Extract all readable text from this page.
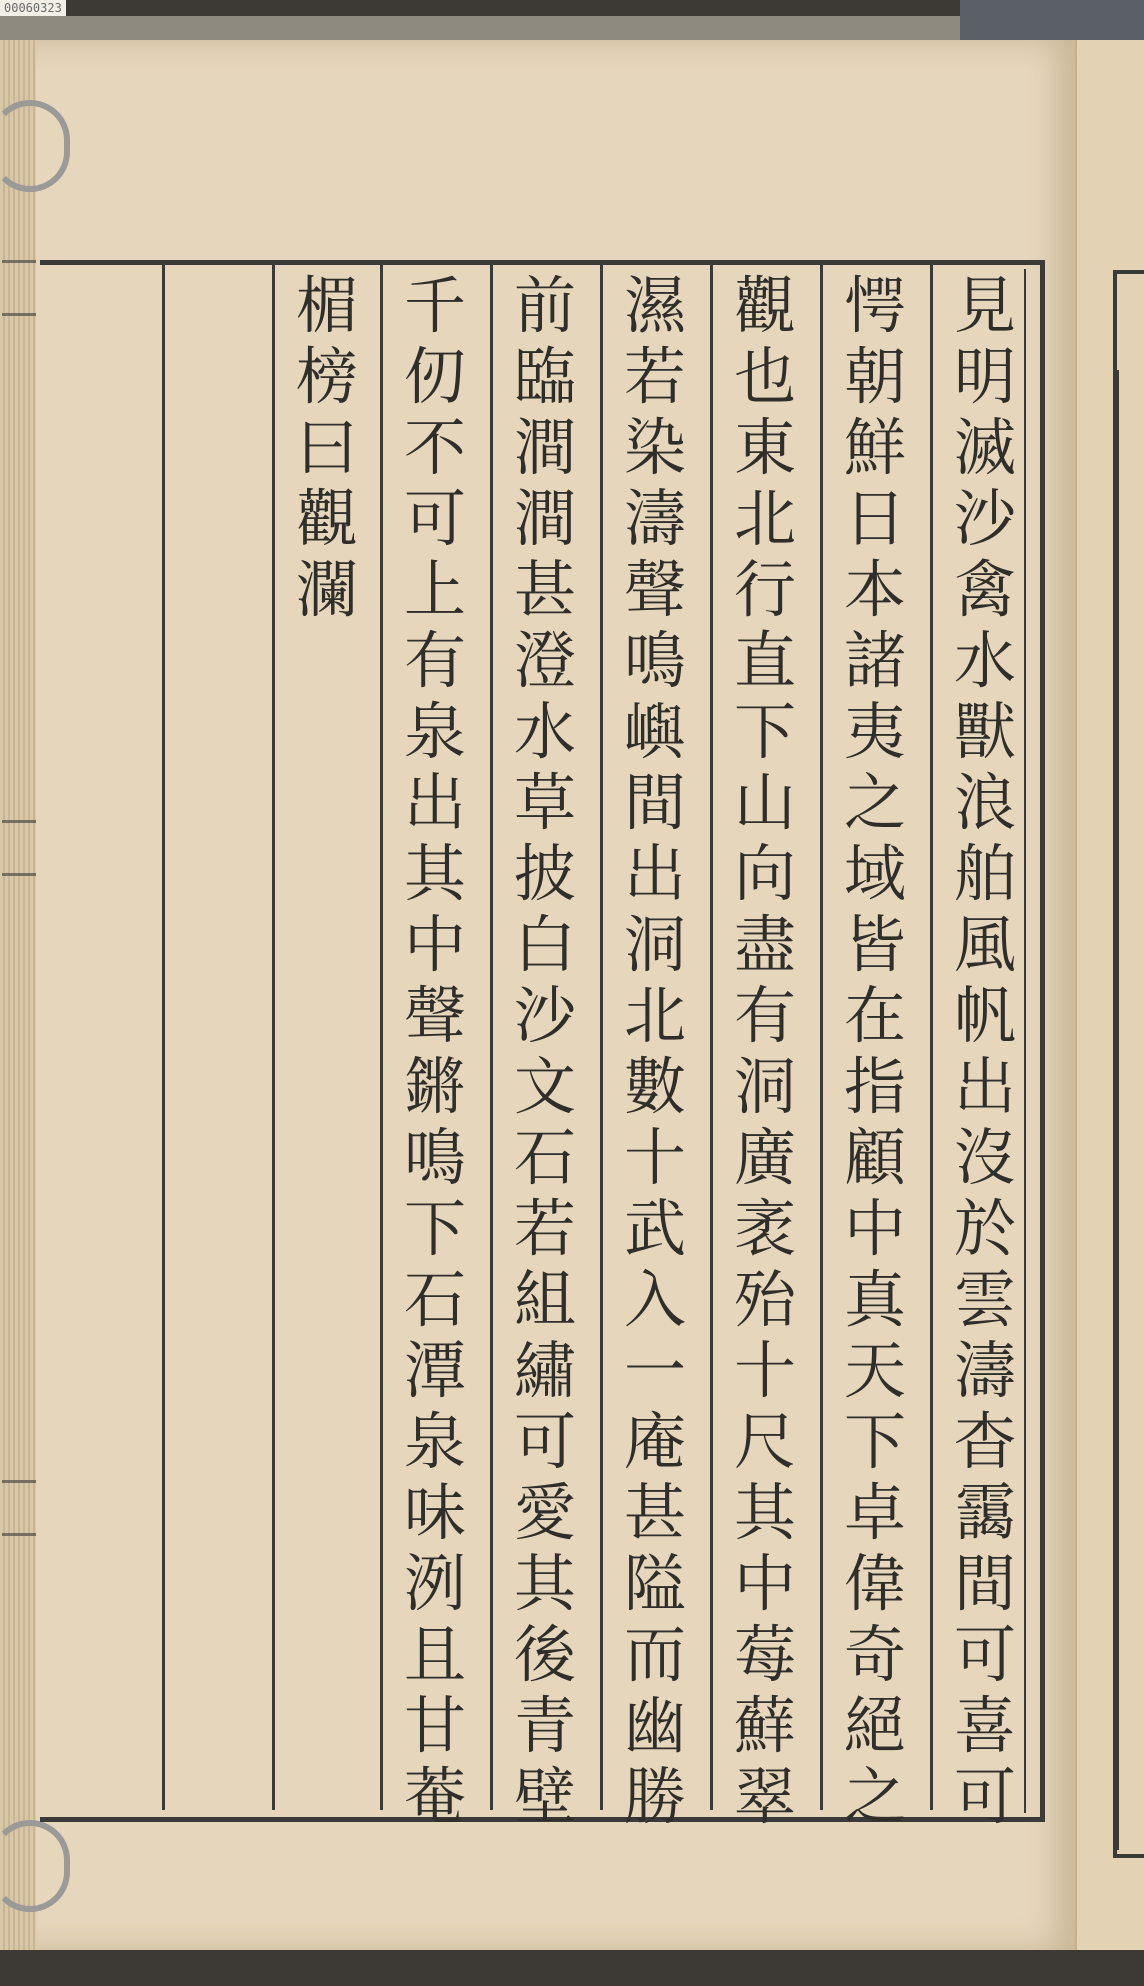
00060323
見
明
滅
沙
禽
水
獸
浪
舶
風
帆
出
沒
於
雲
濤
杳
靄
間
可
喜
可
愕
朝
鮮
日
本
諸
夷
之
域
皆
在
指
顧
中
真
天
下
卓
偉
奇
絕
之
觀
也
東
北
行
直
下
山
向
盡
有
洞
廣
袤
殆
十
尺
其
中
莓
蘚
翠
濕
若
染
濤
聲
鳴
嶼
間
出
洞
北
數
十
武
入
一
庵
甚
隘
而
幽
勝
前
臨
澗
澗
甚
澄
水
草
披
白
沙
文
石
若
組
繡
可
愛
其
後
青
壁
千
仞
不
可
上
有
泉
出
其
中
聲
鏘
鳴
下
石
潭
泉
味
洌
且
甘
菴
楣
榜
曰
觀
瀾
